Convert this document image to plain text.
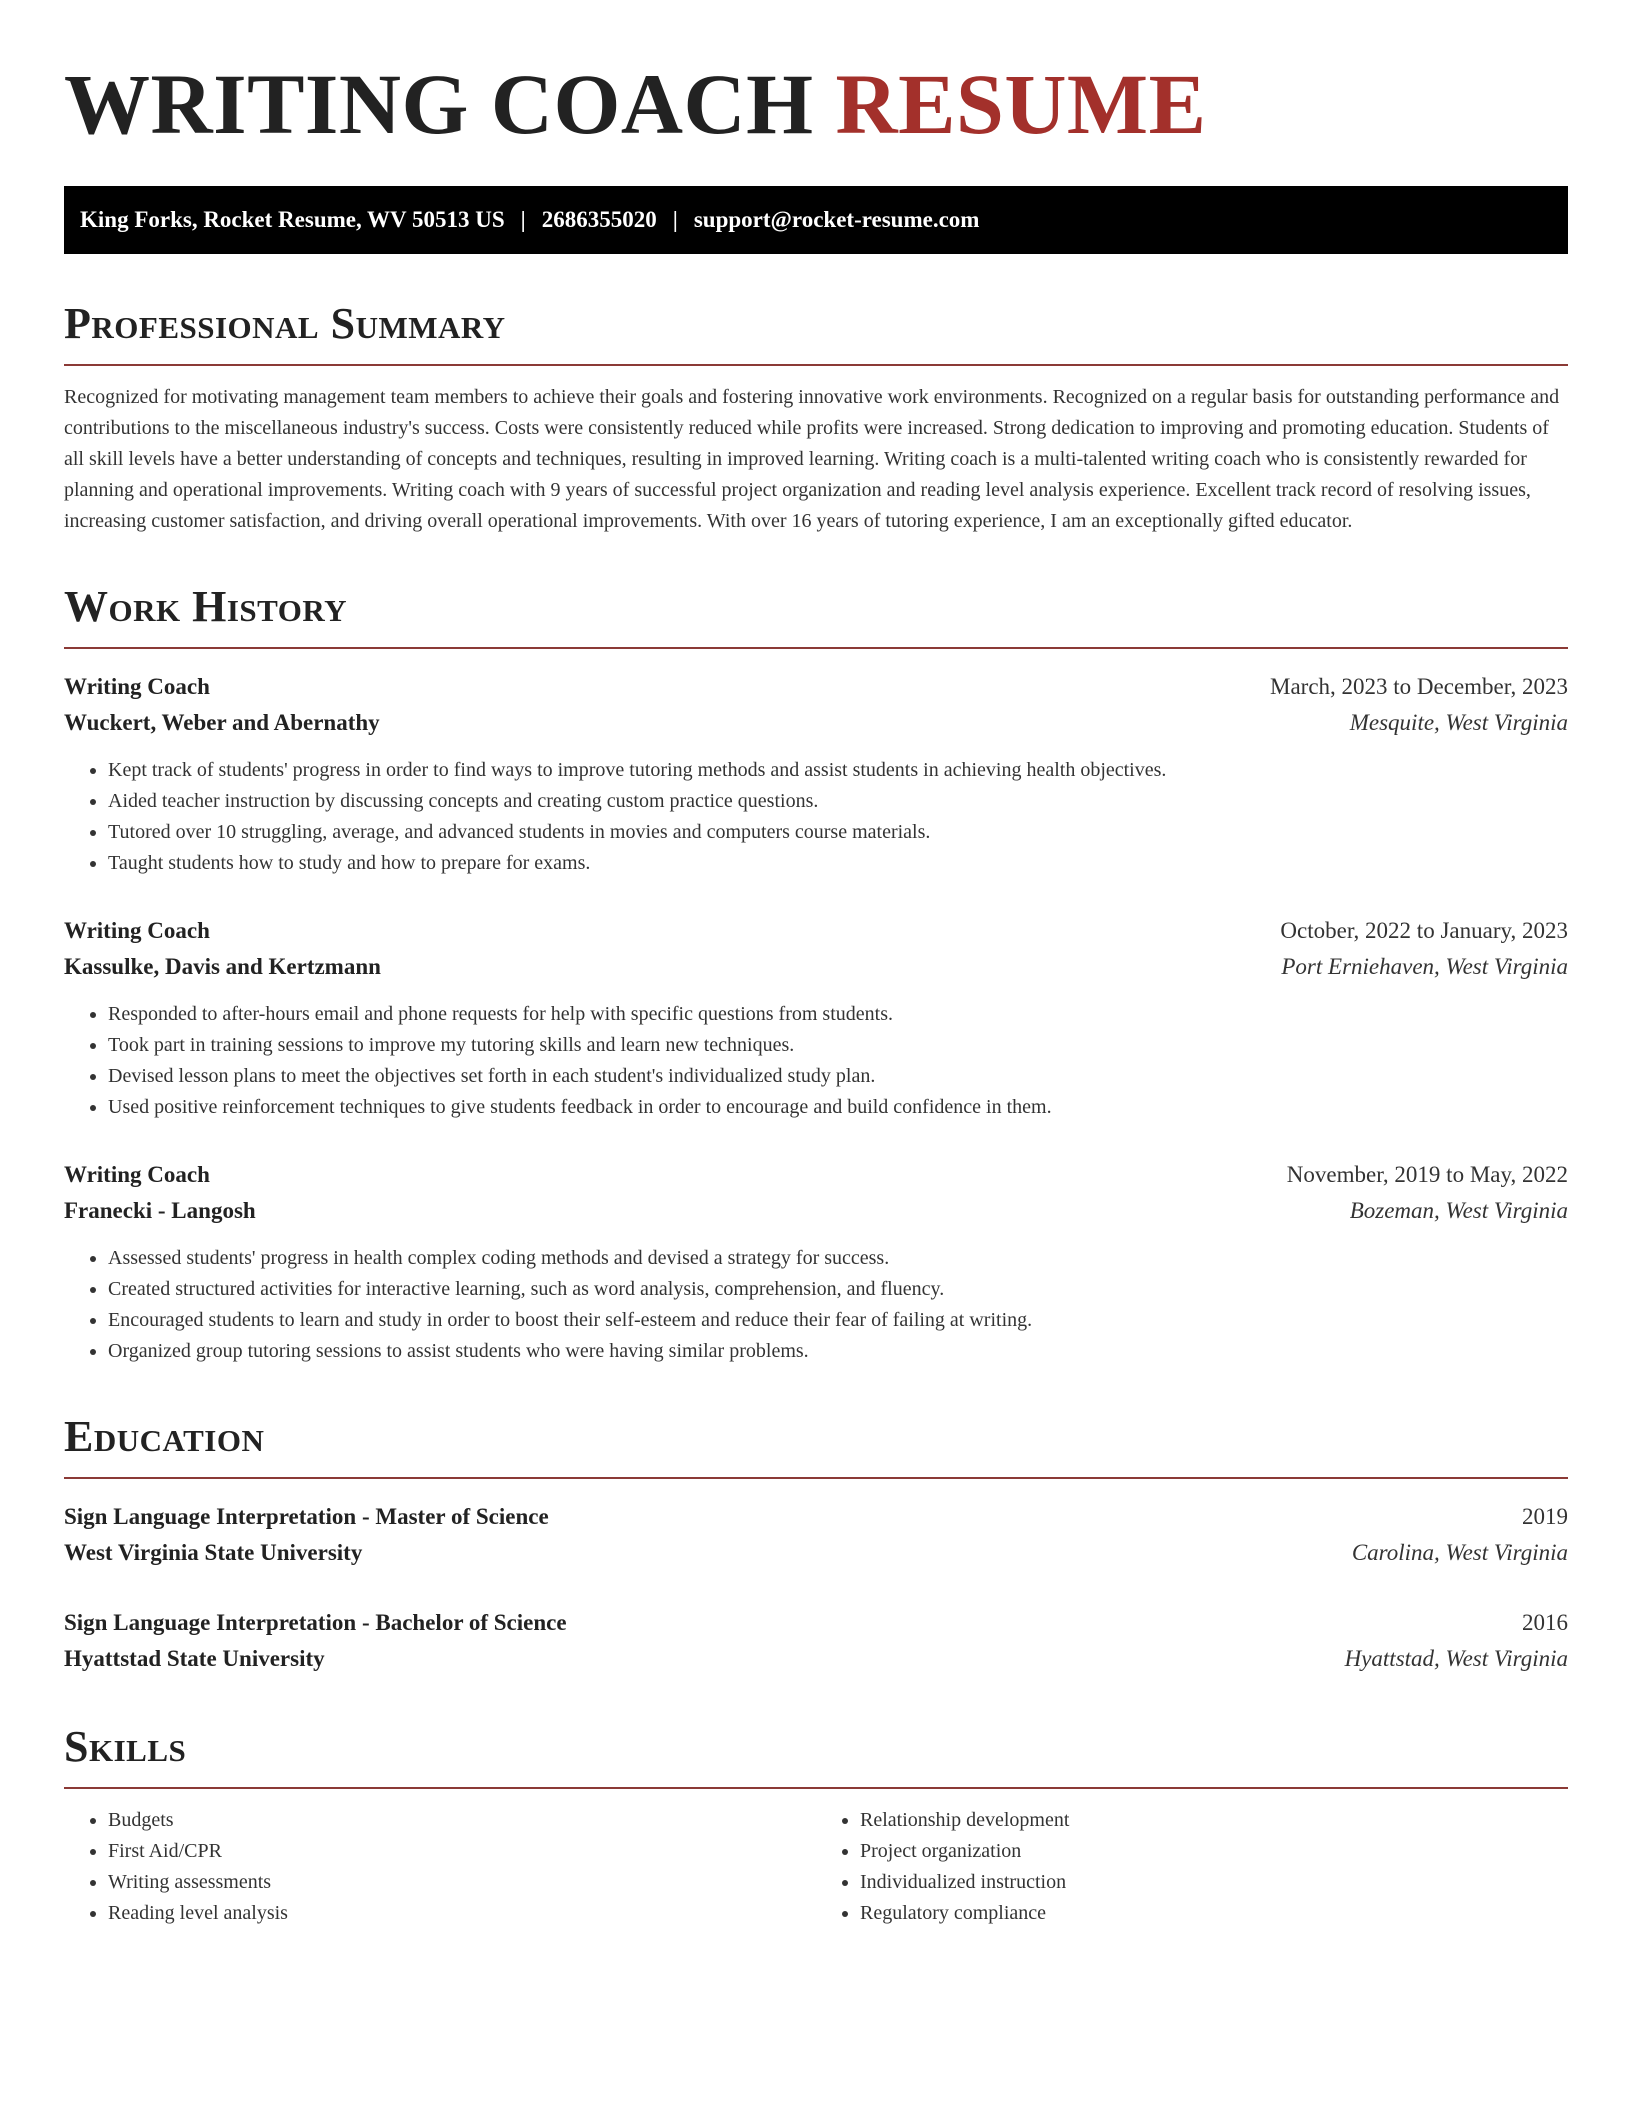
WRITING COACH RESUME
King Forks, Rocket Resume, WV 50513 US | 2686355020 | support@rocket-resume.com
Professional Summary

Recognized for motivating management team members to achieve their goals and fostering innovative work environments. Recognized on a regular basis for outstanding performance and contributions to the miscellaneous industry's success. Costs were consistently reduced while profits were increased. Strong dedication to improving and promoting education. Students of all skill levels have a better understanding of concepts and techniques, resulting in improved learning. Writing coach is a multi-talented writing coach who is consistently rewarded for planning and operational improvements. Writing coach with 9 years of successful project organization and reading level analysis experience. Excellent track record of resolving issues, increasing customer satisfaction, and driving overall operational improvements. With over 16 years of tutoring experience, I am an exceptionally gifted educator.

Work History
Writing Coach	March, 2023 to December, 2023
Wuckert, Weber and Abernathy	Mesquite, West Virginia
• Kept track of students' progress in order to find ways to improve tutoring methods and assist students in achieving health objectives.
• Aided teacher instruction by discussing concepts and creating custom practice questions.
• Tutored over 10 struggling, average, and advanced students in movies and computers course materials.
• Taught students how to study and how to prepare for exams.
Writing Coach	October, 2022 to January, 2023
Kassulke, Davis and Kertzmann	Port Erniehaven, West Virginia
• Responded to after-hours email and phone requests for help with specific questions from students.
• Took part in training sessions to improve my tutoring skills and learn new techniques.
• Devised lesson plans to meet the objectives set forth in each student's individualized study plan.
• Used positive reinforcement techniques to give students feedback in order to encourage and build confidence in them.
Writing Coach	November, 2019 to May, 2022
Franecki - Langosh	Bozeman, West Virginia
• Assessed students' progress in health complex coding methods and devised a strategy for success.
• Created structured activities for interactive learning, such as word analysis, comprehension, and fluency.
• Encouraged students to learn and study in order to boost their self-esteem and reduce their fear of failing at writing.
• Organized group tutoring sessions to assist students who were having similar problems.
Education
Sign Language Interpretation - Master of Science	2019
West Virginia State University	Carolina, West Virginia
Sign Language Interpretation - Bachelor of Science	2016
Hyattstad State University	Hyattstad, West Virginia
Skills
• Budgets
• First Aid/CPR
• Writing assessments
• Reading level analysis
• Relationship development
• Project organization
• Individualized instruction
• Regulatory compliance
